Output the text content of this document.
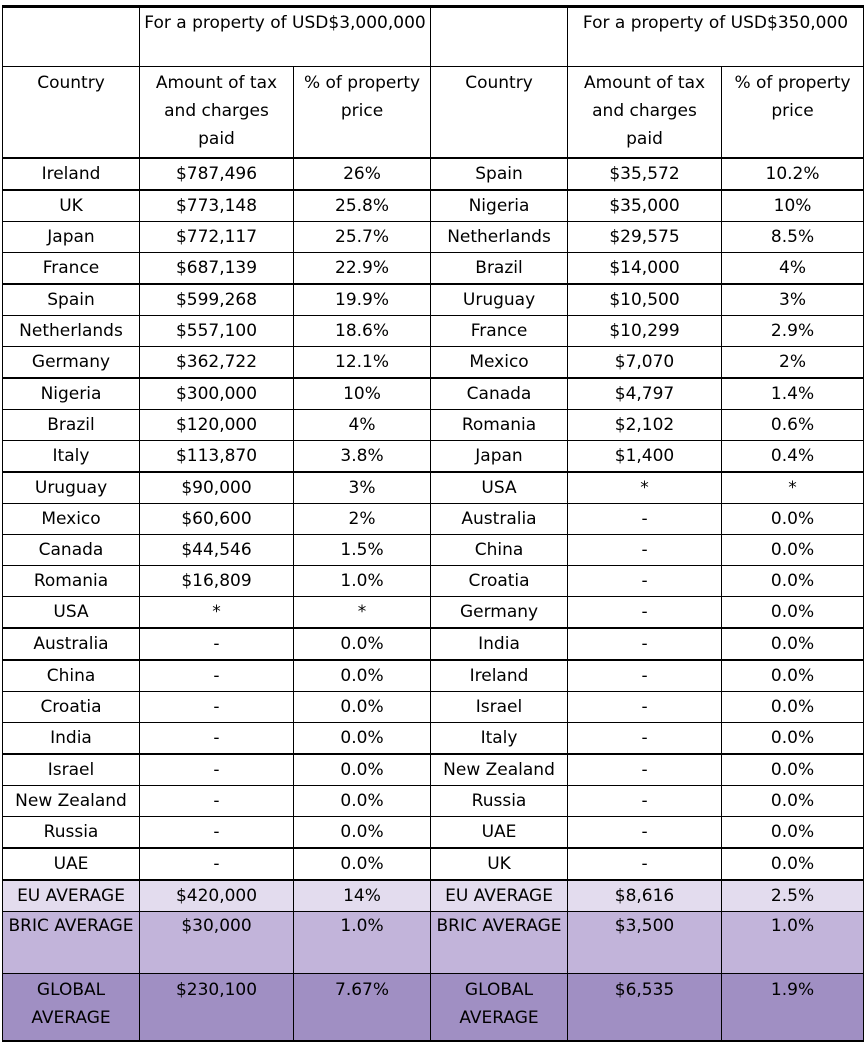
	For a property of USD$3,000,000			For a property of USD$350,000	
Country	Amount of tax and charges paid	% of property price	Country	Amount of tax and charges paid	% of property price
Ireland	$787,496	26%	Spain	$35,572	10.2%
UK	$773,148	25.8%	Nigeria	$35,000	10%
Japan	$772,117	25.7%	Netherlands	$29,575	8.5%
France	$687,139	22.9%	Brazil	$14,000	4%
Spain	$599,268	19.9%	Uruguay	$10,500	3%
Netherlands	$557,100	18.6%	France	$10,299	2.9%
Germany	$362,722	12.1%	Mexico	$7,070	2%
Nigeria	$300,000	10%	Canada	$4,797	1.4%
Brazil	$120,000	4%	Romania	$2,102	0.6%
Italy	$113,870	3.8%	Japan	$1,400	0.4%
Uruguay	$90,000	3%	USA	*	*
Mexico	$60,600	2%	Australia	-	0.0%
Canada	$44,546	1.5%	China	-	0.0%
Romania	$16,809	1.0%	Croatia	-	0.0%
USA	*	*	Germany	-	0.0%
Australia	-	0.0%	India	-	0.0%
China	-	0.0%	Ireland	-	0.0%
Croatia	-	0.0%	Israel	-	0.0%
India	-	0.0%	Italy	-	0.0%
Israel	-	0.0%	New Zealand	-	0.0%
New Zealand	-	0.0%	Russia	-	0.0%
Russia	-	0.0%	UAE	-	0.0%
UAE	-	0.0%	UK	-	0.0%
EU AVERAGE	$420,000	14%	EU AVERAGE	$8,616	2.5%
BRIC AVERAGE	$30,000	1.0%	BRIC AVERAGE	$3,500	1.0%
GLOBAL AVERAGE	$230,100	7.67%	GLOBAL AVERAGE	$6,535	1.9%
